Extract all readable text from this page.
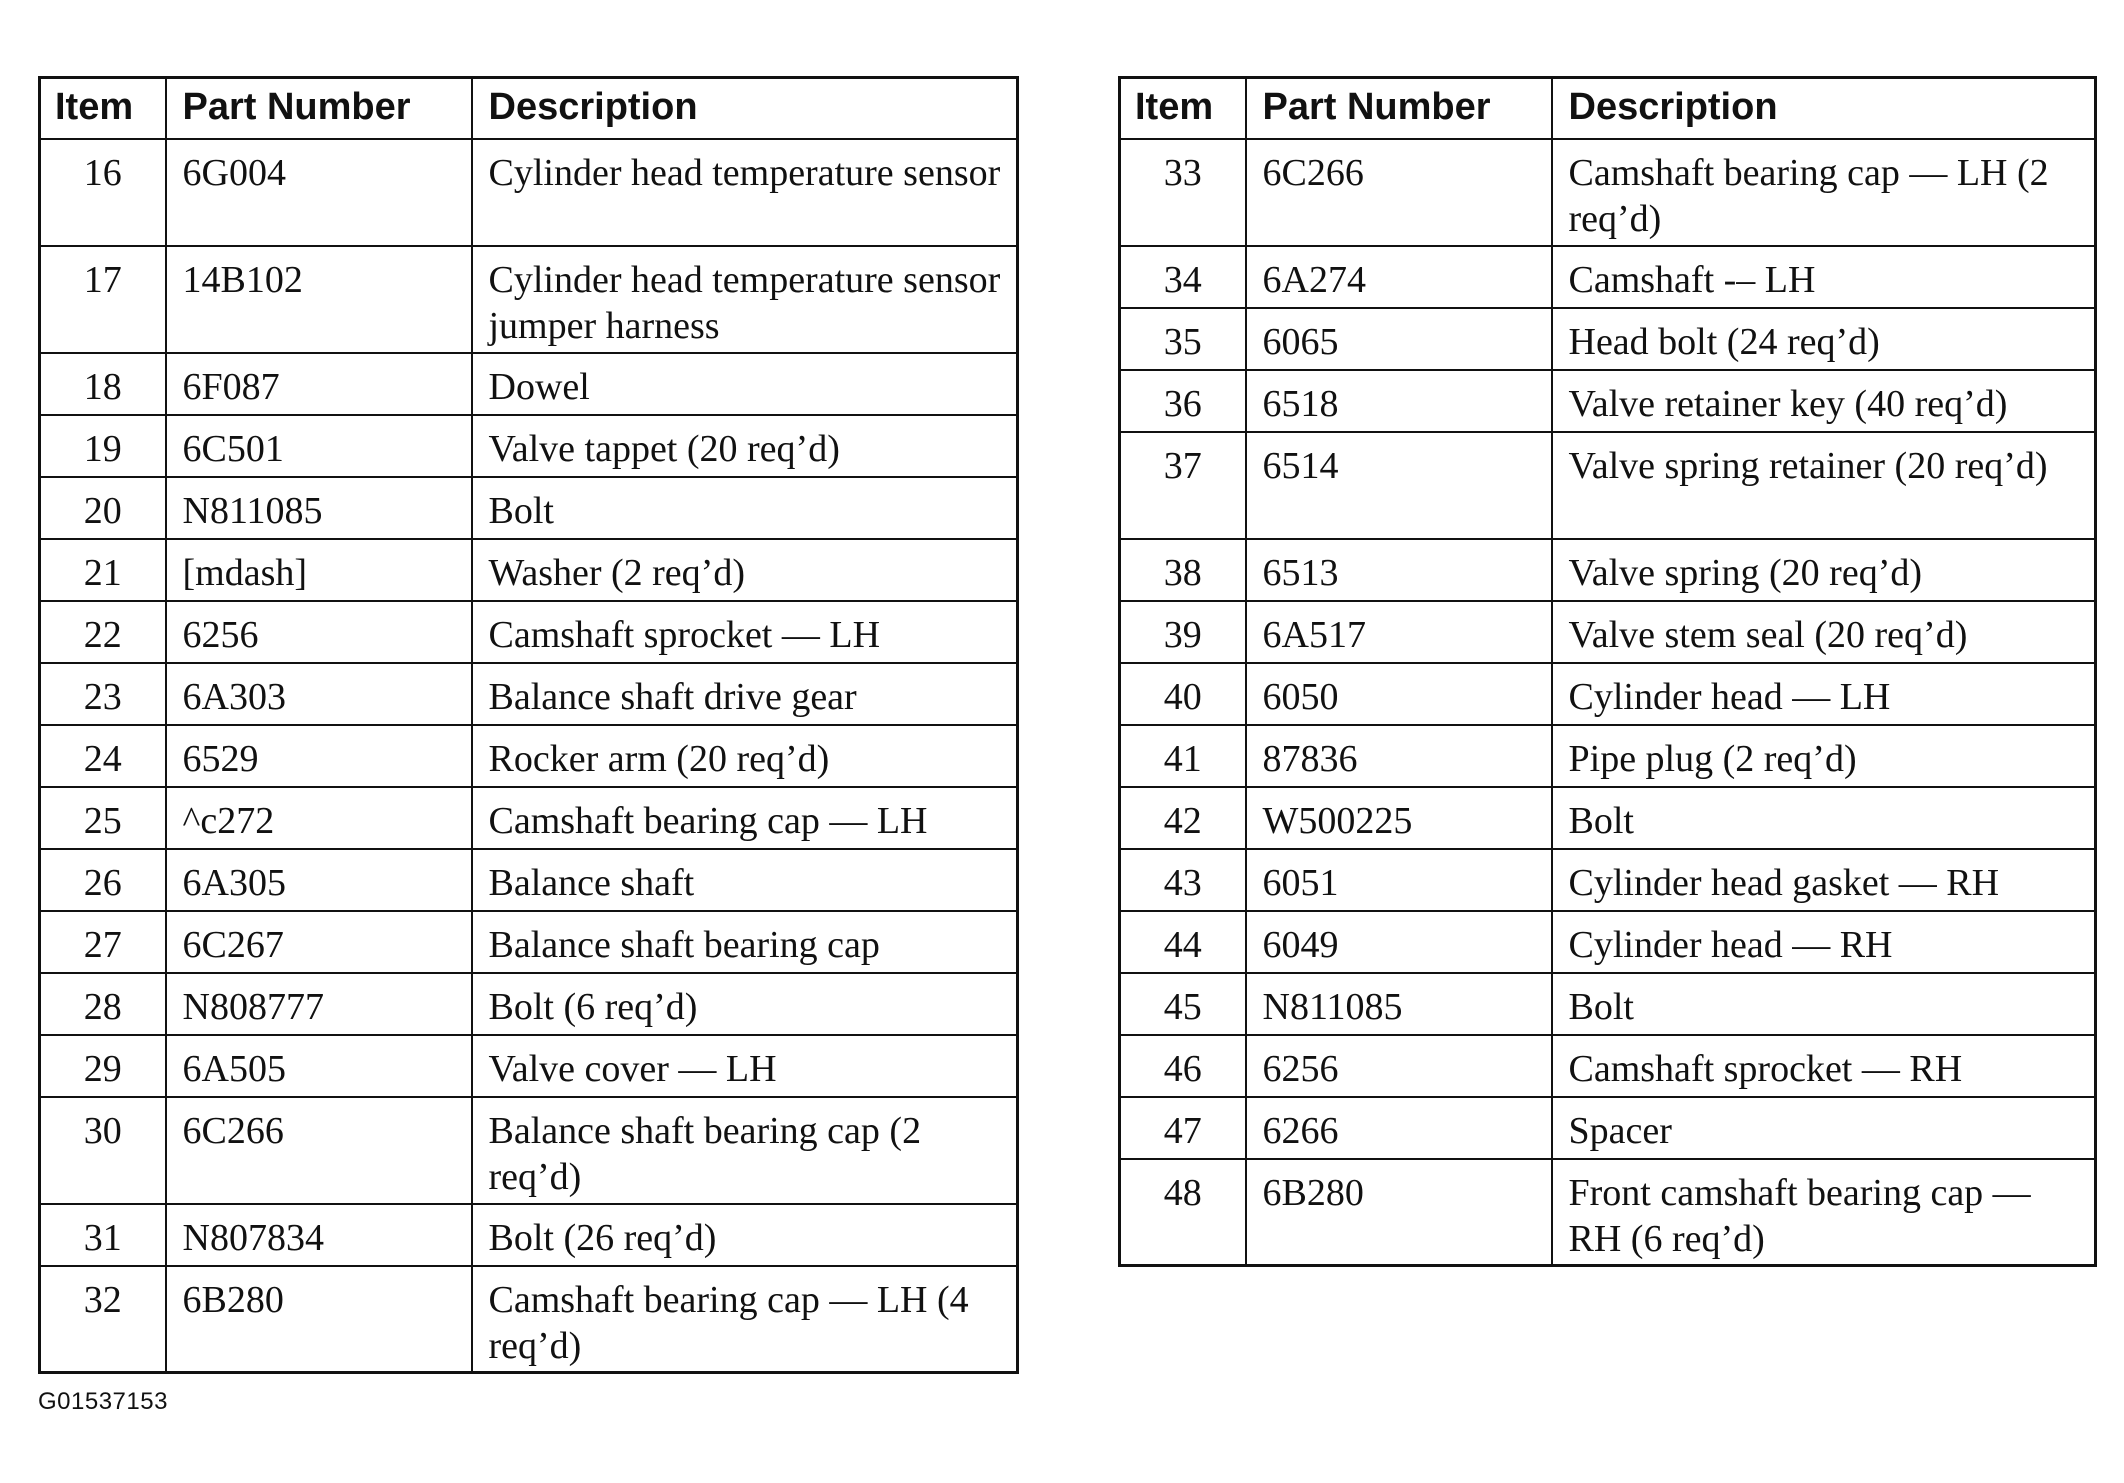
Item	Part Number	Description
16	6G004	Cylinder head temperature sensor
17	14B102	Cylinder head temperature sensor jumper harness
18	6F087	Dowel
19	6C501	Valve tappet (20 req’d)
20	N811085	Bolt
21	[mdash]	Washer (2 req’d)
22	6256	Camshaft sprocket — LH
23	6A303	Balance shaft drive gear
24	6529	Rocker arm (20 req’d)
25	^c272	Camshaft bearing cap — LH
26	6A305	Balance shaft
27	6C267	Balance shaft bearing cap
28	N808777	Bolt (6 req’d)
29	6A505	Valve cover — LH
30	6C266	Balance shaft bearing cap (2 req’d)
31	N807834	Bolt (26 req’d)
32	6B280	Camshaft bearing cap — LH (4 req’d)
Item	Part Number	Description
33	6C266	Camshaft bearing cap — LH (2 req’d)
34	6A274	Camshaft -– LH
35	6065	Head bolt (24 req’d)
36	6518	Valve retainer key (40 req’d)
37	6514	Valve spring retainer (20 req’d)
38	6513	Valve spring (20 req’d)
39	6A517	Valve stem seal (20 req’d)
40	6050	Cylinder head — LH
41	87836	Pipe plug (2 req’d)
42	W500225	Bolt
43	6051	Cylinder head gasket — RH
44	6049	Cylinder head — RH
45	N811085	Bolt
46	6256	Camshaft sprocket — RH
47	6266	Spacer
48	6B280	Front camshaft bearing cap — RH (6 req’d)
G01537153
